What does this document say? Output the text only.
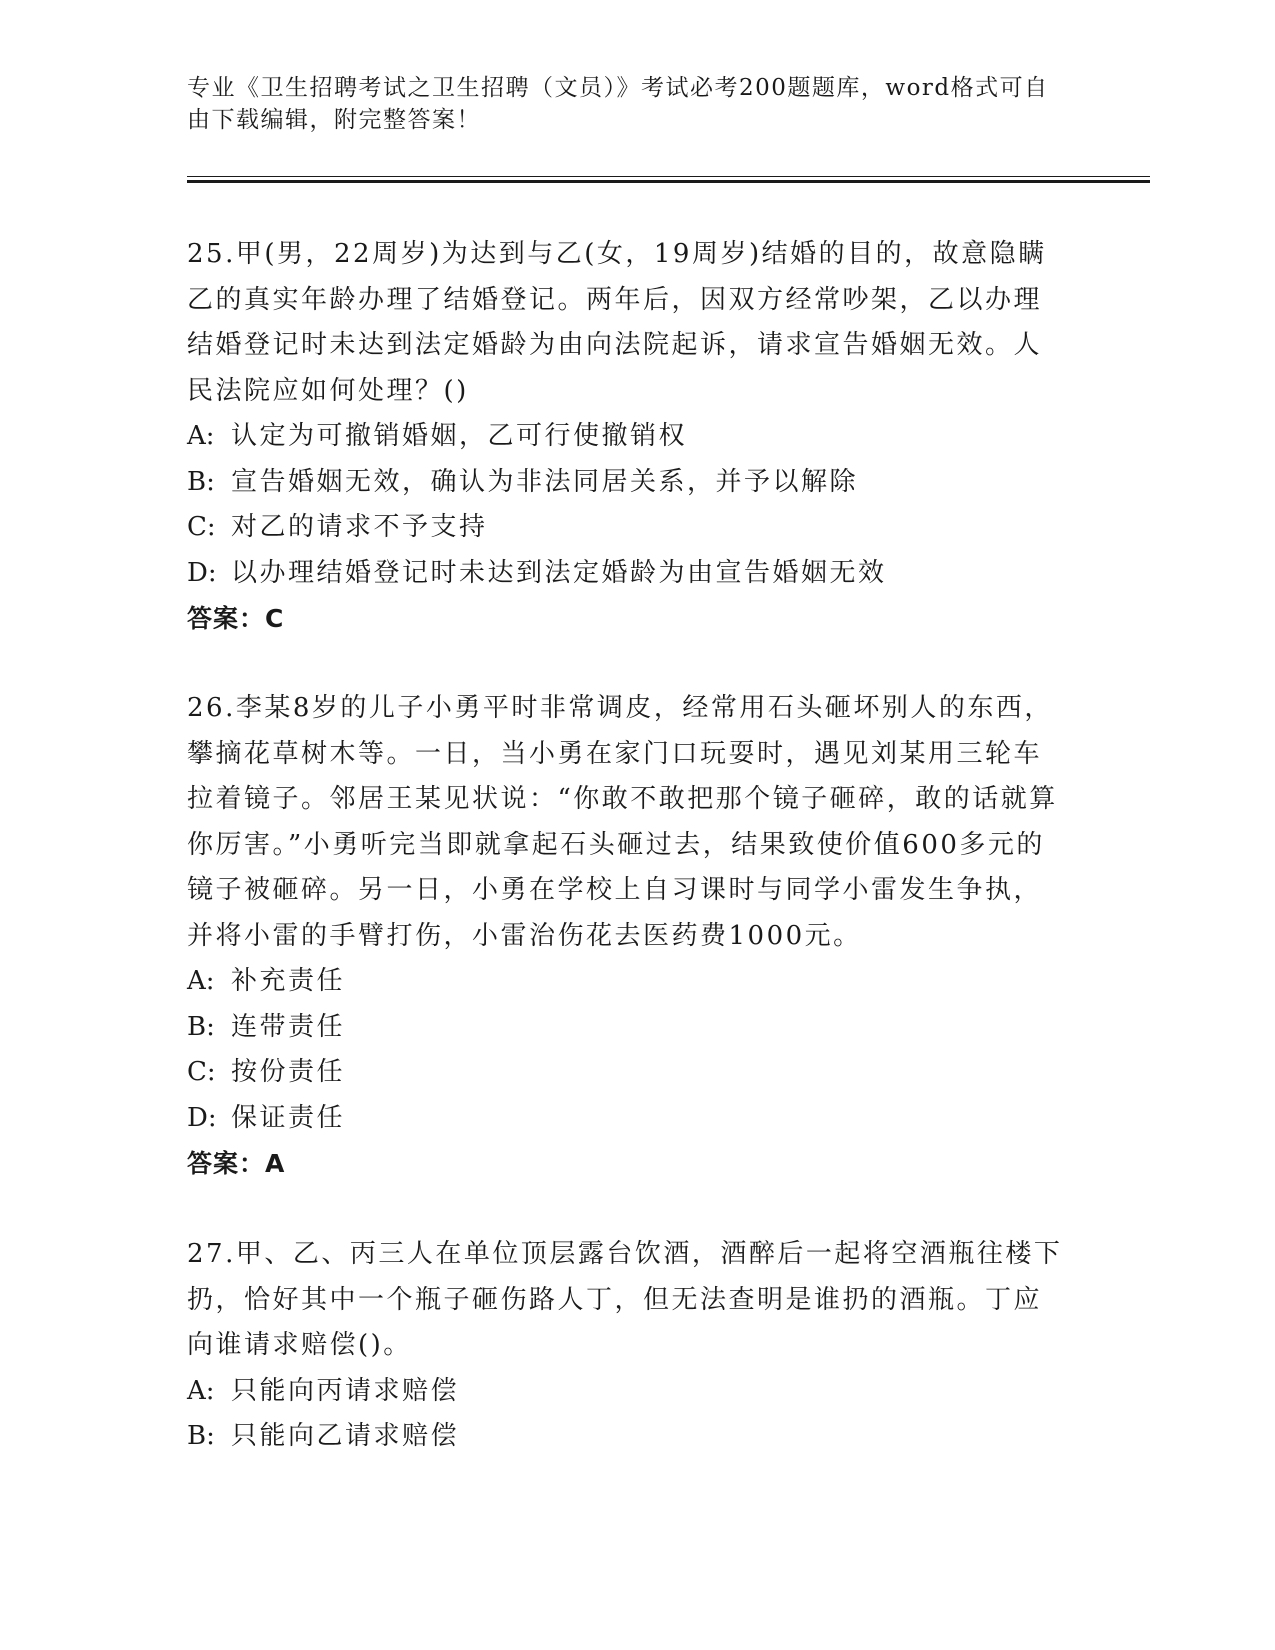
专业《卫生招聘考试之卫生招聘（文员）》考试必考200题题库，word格式可自

由下载编辑，附完整答案！

25.甲(男，22周岁)为达到与乙(女，19周岁)结婚的目的，故意隐瞒乙的真实年龄办理了结婚登记。两年后，因双方经常吵架，乙以办理结婚登记时未达到法定婚龄为由向法院起诉，请求宣告婚姻无效。人民法院应如何处理？()

A: 认定为可撤销婚姻，乙可行使撤销权

B: 宣告婚姻无效，确认为非法同居关系，并予以解除

C: 对乙的请求不予支持

D: 以办理结婚登记时未达到法定婚龄为由宣告婚姻无效

答案：C

26.李某8岁的儿子小勇平时非常调皮，经常用石头砸坏别人的东西，攀摘花草树木等。一日，当小勇在家门口玩耍时，遇见刘某用三轮车拉着镜子。邻居王某见状说：“你敢不敢把那个镜子砸碎，敢的话就算你厉害。”小勇听完当即就拿起石头砸过去，结果致使价值600多元的镜子被砸碎。另一日，小勇在学校上自习课时与同学小雷发生争执，并将小雷的手臂打伤，小雷治伤花去医药费1000元。

A: 补充责任

B: 连带责任

C: 按份责任

D: 保证责任

答案：A

27.甲、乙、丙三人在单位顶层露台饮酒，酒醉后一起将空酒瓶往楼下扔，恰好其中一个瓶子砸伤路人丁，但无法查明是谁扔的酒瓶。丁应向谁请求赔偿()。

A: 只能向丙请求赔偿

B: 只能向乙请求赔偿
